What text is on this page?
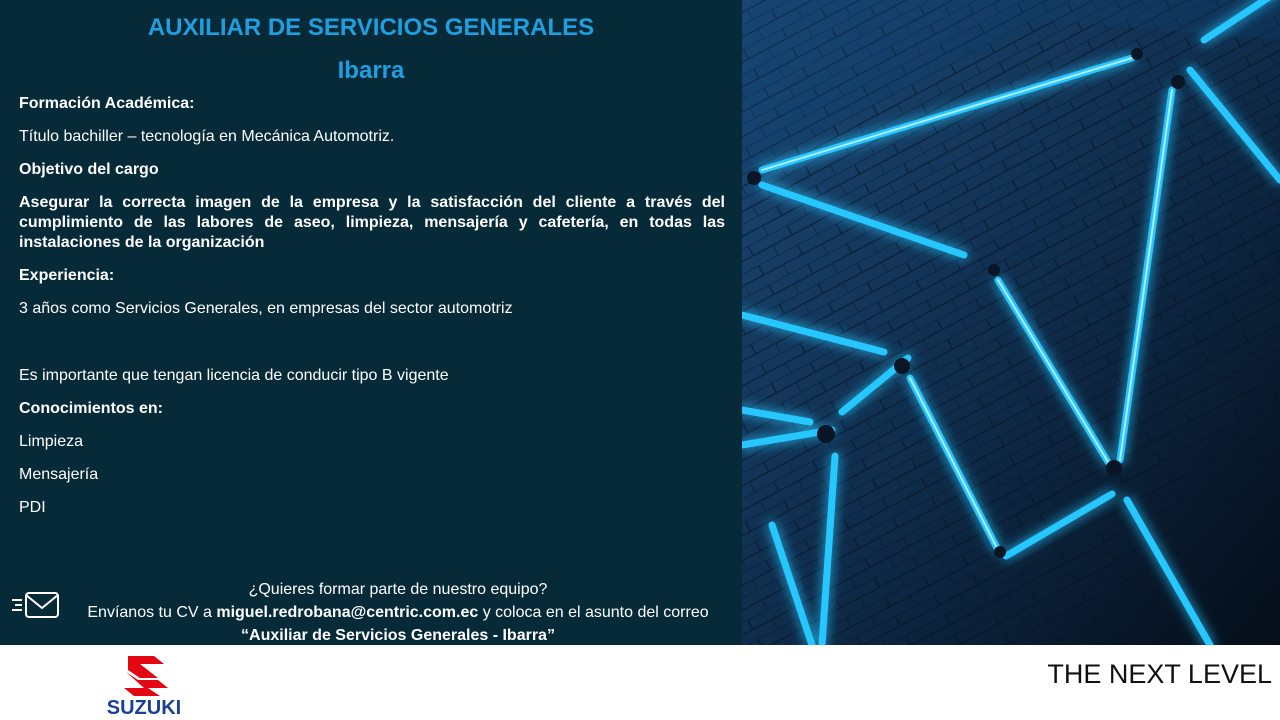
AUXILIAR DE SERVICIOS GENERALES
Ibarra

Formación Académica:

Título bachiller – tecnología en Mecánica Automotriz.

Objetivo del cargo

Asegurar la correcta imagen de la empresa y la satisfacción del cliente a través del cumplimiento de las labores de aseo, limpieza, mensajería y cafetería, en todas las instalaciones de la organización

Experiencia:

3 años como Servicios Generales, en empresas del sector automotriz

Es importante que tengan licencia de conducir tipo B vigente

Conocimientos en:

Limpieza

Mensajería

PDI

¿Quieres formar parte de nuestro equipo?

Envíanos tu CV a miguel.redrobana@centric.com.ec y coloca en el asunto del correo

“Auxiliar de Servicios Generales - Ibarra”

SUZUKI
THE NEXT LEVEL
